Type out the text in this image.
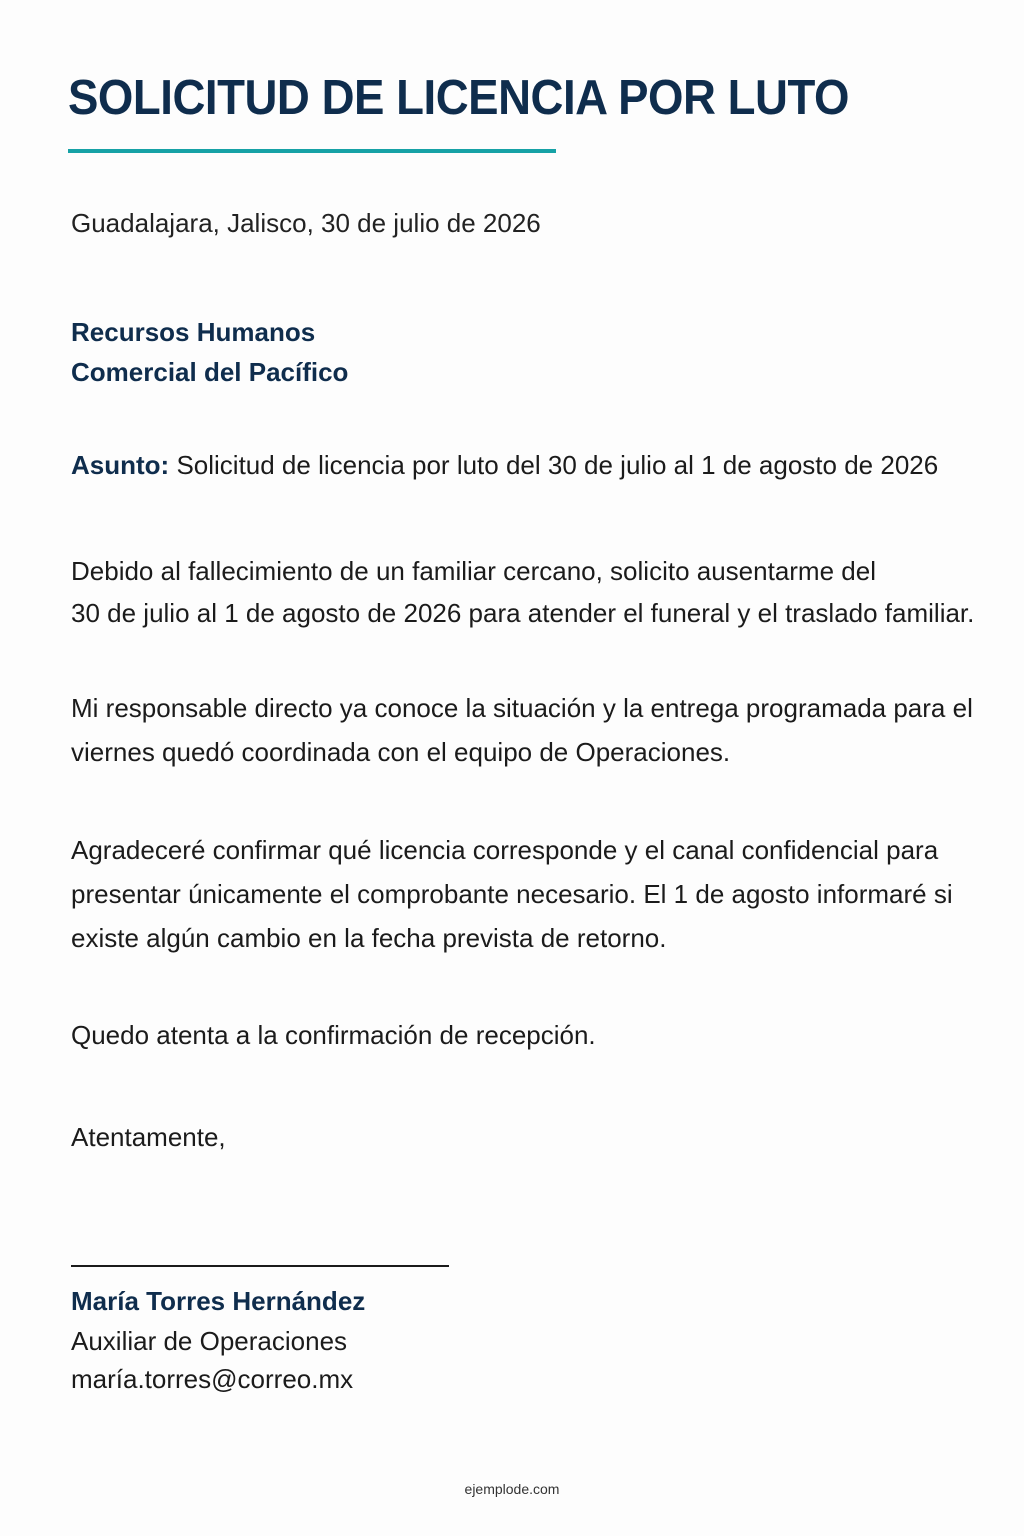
SOLICITUD DE LICENCIA POR LUTO
Guadalajara, Jalisco, 30 de julio de 2026
Recursos Humanos
Comercial del Pacífico
Asunto: Solicitud de licencia por luto del 30 de julio al 1 de agosto de 2026

Debido al fallecimiento de un familiar cercano, solicito ausentarme del
30 de julio al 1 de agosto de 2026 para atender el funeral y el traslado familiar.

Mi responsable directo ya conoce la situación y la entrega programada para el
viernes quedó coordinada con el equipo de Operaciones.

Agradeceré confirmar qué licencia corresponde y el canal confidencial para
presentar únicamente el comprobante necesario. El 1 de agosto informaré si
existe algún cambio en la fecha prevista de retorno.

Quedo atenta a la confirmación de recepción.
Atentamente,
María Torres Hernández
Auxiliar de Operaciones
maría.torres@correo.mx
ejemplode.com
